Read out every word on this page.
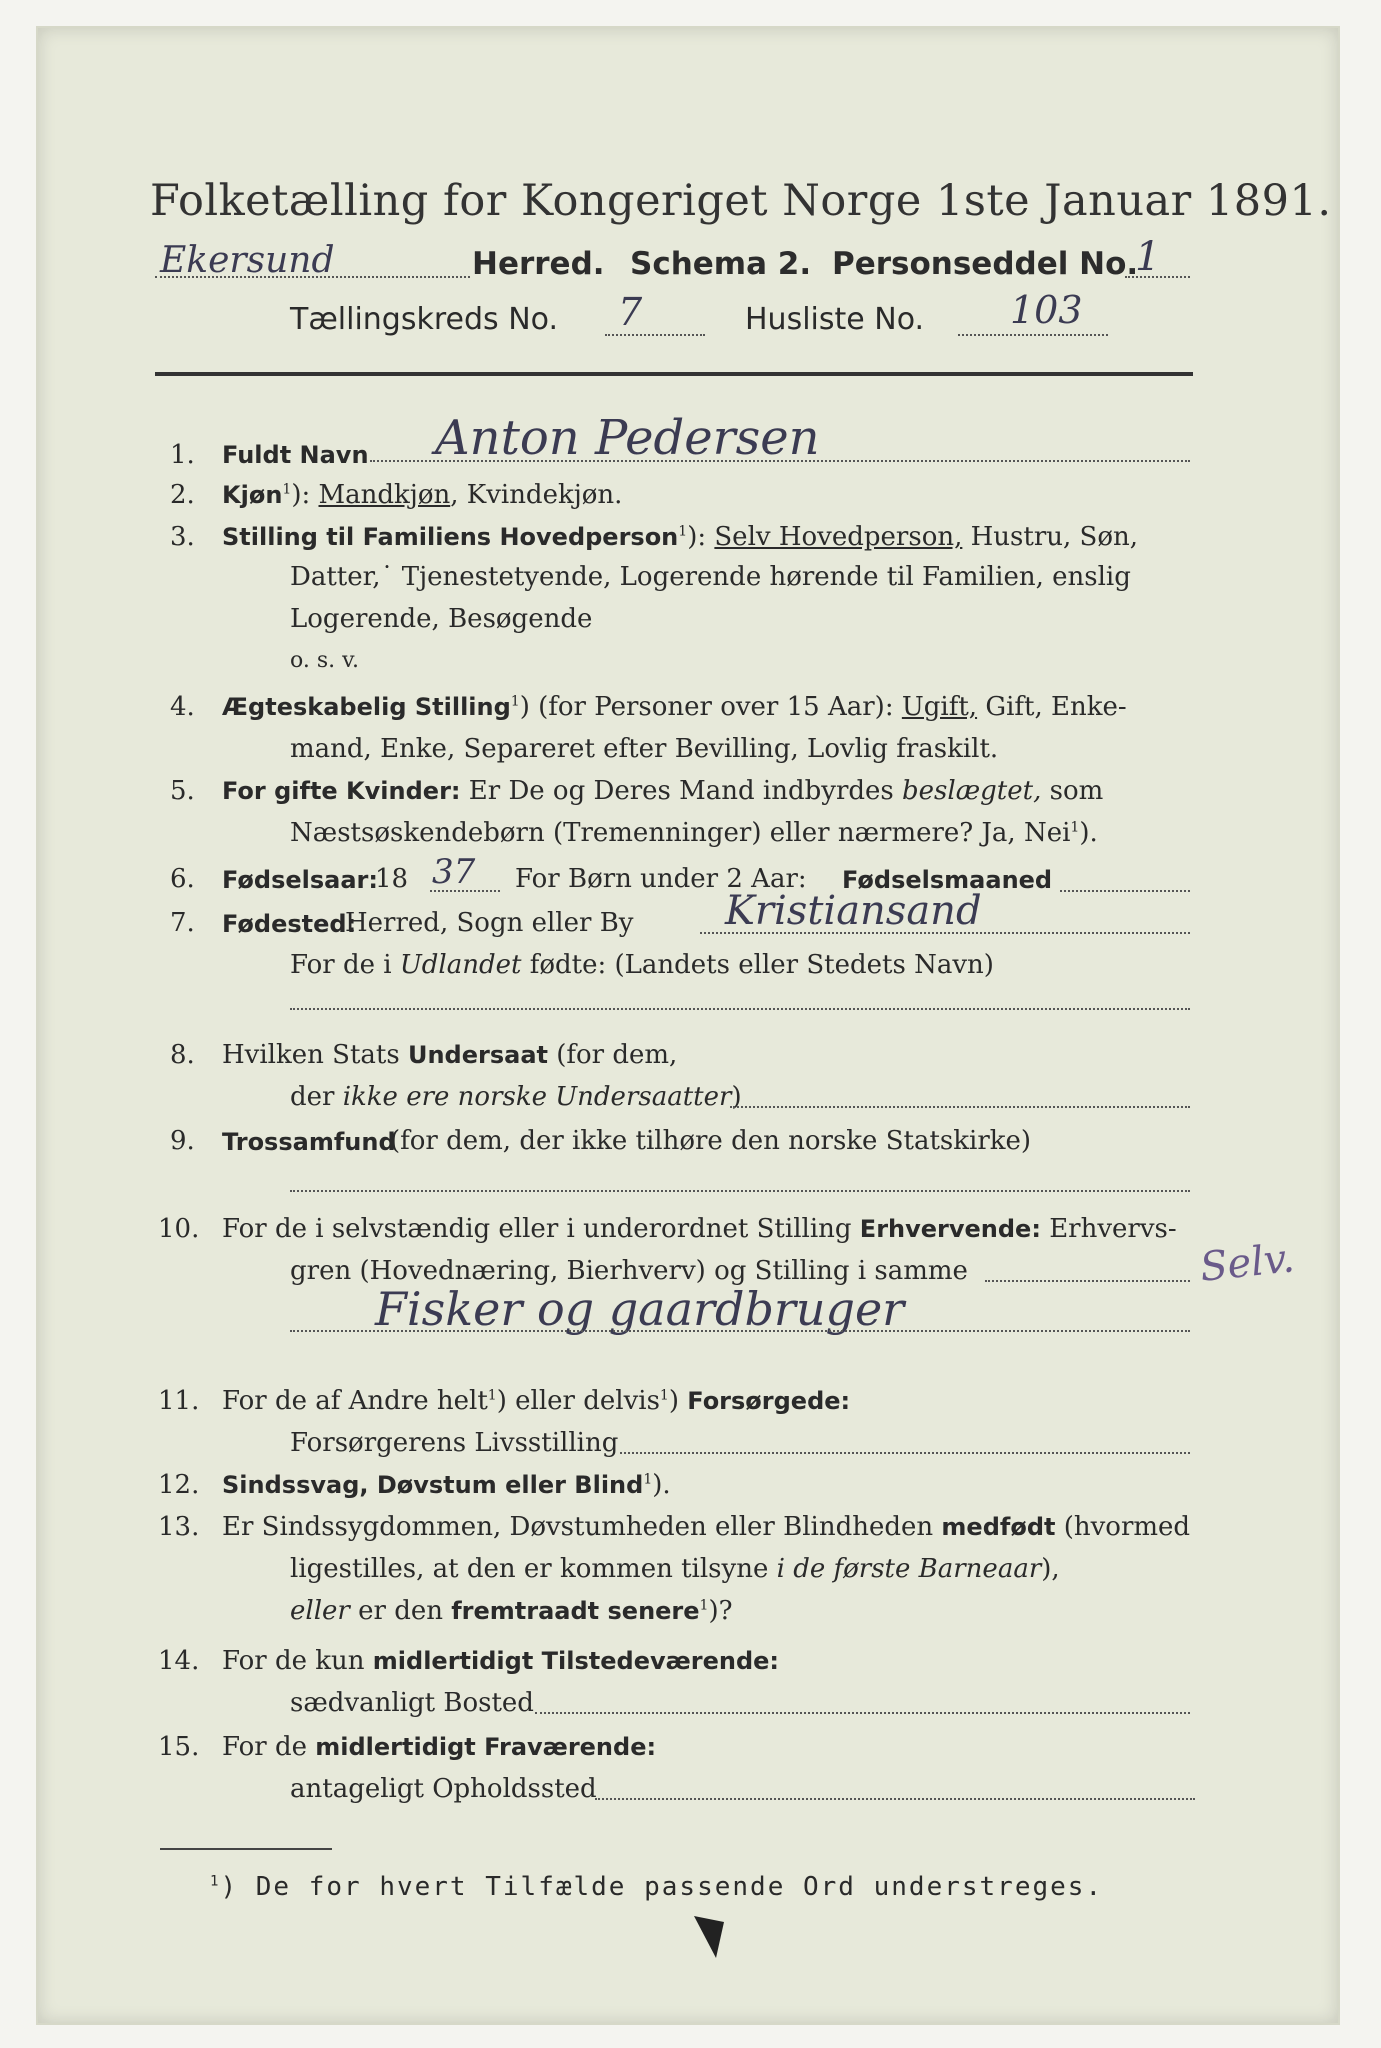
Folketælling for Kongeriget Norge 1ste Januar 1891.
Ekersund	Herred. Schema 2. Personseddel No.
1
Tællingskreds No. 7	Husliste No. 103
1. Fuldt Navn Anton Pedersen
2. Kjøn$^1$): Mandkjøn, Kvindekjøn.
3. Stilling til Familiens Hovedperson$^1$): Selv Hovedperson, Hustru, Søn,
Datter,˙ Tjenestetyende, Logerende hørende til Familien, enslig
Logerende, Besøgende
o. s. v.
4. Ægteskabelig Stilling$^1$) (for Personer over 15 Aar): Ugift, Gift, Enke-
mand, Enke, Separeret efter Bevilling, Lovlig fraskilt.
5. For gifte Kvinder: Er De og Deres Mand indbyrdes beslægtet, som
Næstsøskendebørn (Tremenninger) eller nærmere? Ja, Nei$^1$).
6. Fødselsaar:
18 37 For Børn under 2 Aar: Fødselsmaaned
7. Fødested:
Herred, Sogn eller By Kristiansand
For de i Udlandet fødte: (Landets eller Stedets Navn)
8. Hvilken Stats Undersaat (for dem,
der ikke ere norske Undersaatter)
9. Trossamfund
(for dem, der ikke tilhøre den norske Statskirke)
10. For de i selvstændig eller i underordnet Stilling Erhvervende: Erhvervs-
gren (Hovednæring, Bierhverv) og Stilling i samme	Selv.
Fisker og gaardbruger
11. For de af Andre helt$^1$) eller delvis$^1$) Forsørgede:
Forsørgerens Livsstilling
12. Sindssvag, Døvstum eller Blind$^1$).
13. Er Sindssygdommen, Døvstumheden eller Blindheden medfødt (hvormed
ligestilles, at den er kommen tilsyne i de første Barneaar),
eller er den fremtraadt senere$^1$)?
14. For de kun midlertidigt Tilstedeværende:
sædvanligt Bosted
15. For de midlertidigt Fraværende:
antageligt Opholdssted
$^1$) De for hvert Tilfælde passende Ord understreges.
